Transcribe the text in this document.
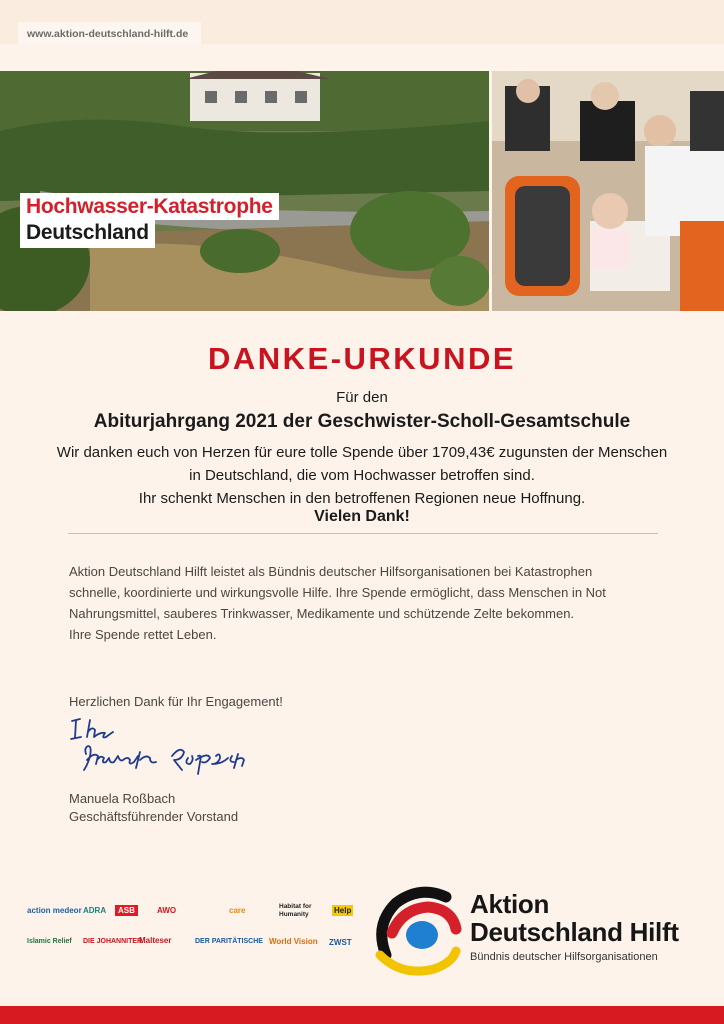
www.aktion-deutschland-hilft.de
Hochwasser-Katastrophe
Deutschland
DANKE-URKUNDE
Für den
Abiturjahrgang 2021 der Geschwister-Scholl-Gesamtschule
Wir danken euch von Herzen für eure tolle Spende über 1709,43€ zugunsten der Menschen
in Deutschland, die vom Hochwasser betroffen sind.
Ihr schenkt Menschen in den betroffenen Regionen neue Hoffnung.
Vielen Dank!

Aktion Deutschland Hilft leistet als Bündnis deutscher Hilfsorganisationen bei Katastrophen

schnelle, koordinierte und wirkungsvolle Hilfe. Ihre Spende ermöglicht, dass Menschen in Not

Nahrungsmittel, sauberes Trinkwasser, Medikamente und schützende Zelte bekommen.

Ihre Spende rettet Leben.

Herzlichen Dank für Ihr Engagement!
Manuela Roßbach
Geschäftsführender Vorstand
action medeor ADRA	ASB	AWO	care	Habitat for Humanity	Help
Islamic Relief DIE JOHANNITER
Malteser	DER PARITÄTISCHE World Vision ZWST
Aktion
Deutschland Hilft
Bündnis deutscher Hilfsorganisationen
